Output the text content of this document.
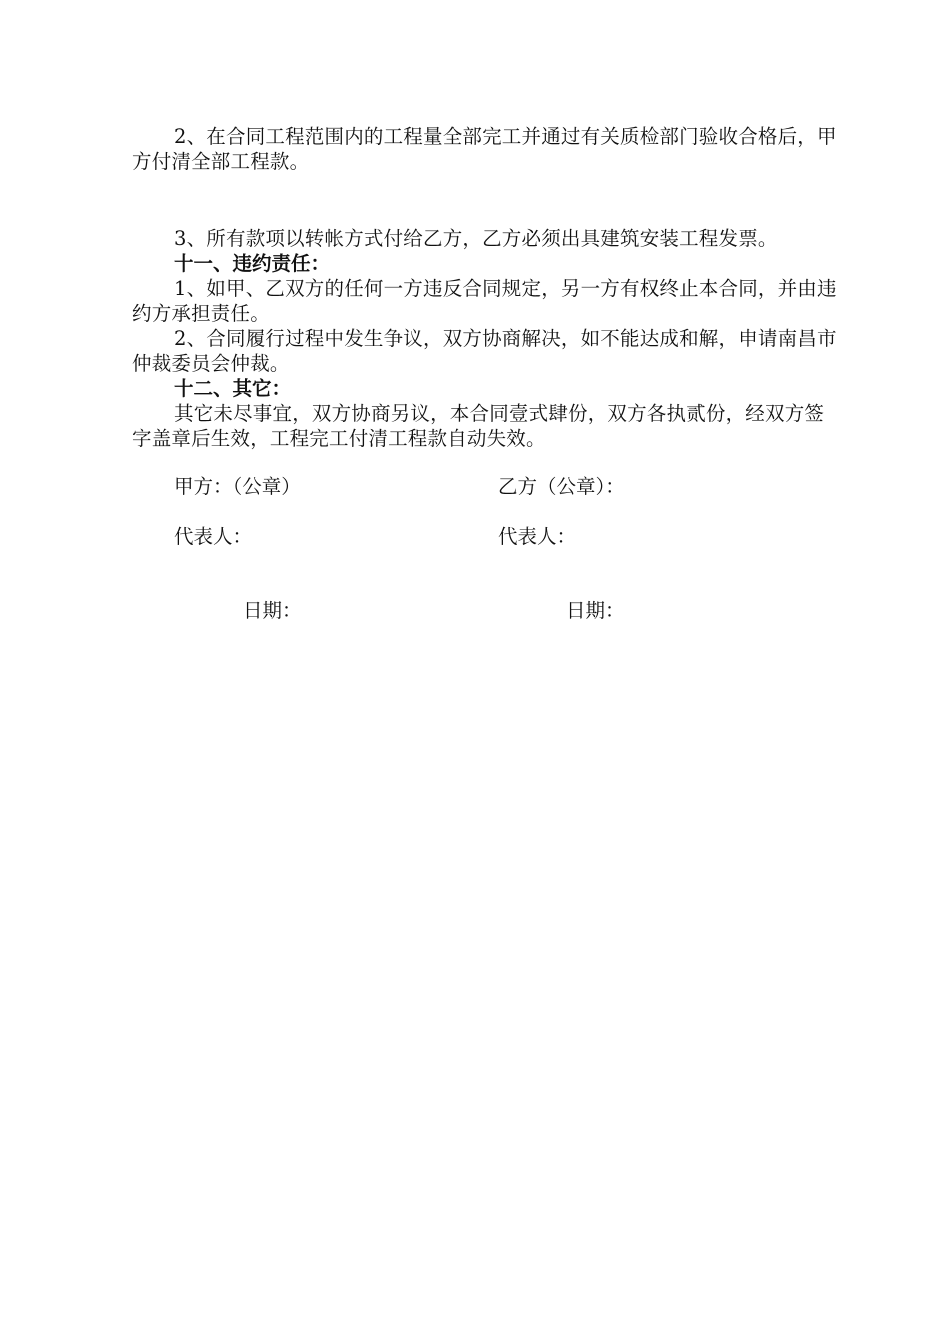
2、在合同工程范围内的工程量全部完工并通过有关质检部门验收合格后，甲方付清全部工程款。

3、所有款项以转帐方式付给乙方，乙方必须出具建筑安装工程发票。

十一、违约责任：

1、如甲、乙双方的任何一方违反合同规定，另一方有权终止本合同，并由违约方承担责任。

2、合同履行过程中发生争议，双方协商解决，如不能达成和解，申请南昌市仲裁委员会仲裁。

十二、其它：

其它未尽事宜，双方协商另议，本合同壹式肆份，双方各执贰份，经双方签字盖章后生效，工程完工付清工程款自动失效。

甲方：（公章）	乙方（公章）：
代表人：	代表人：
日期：	日期：
